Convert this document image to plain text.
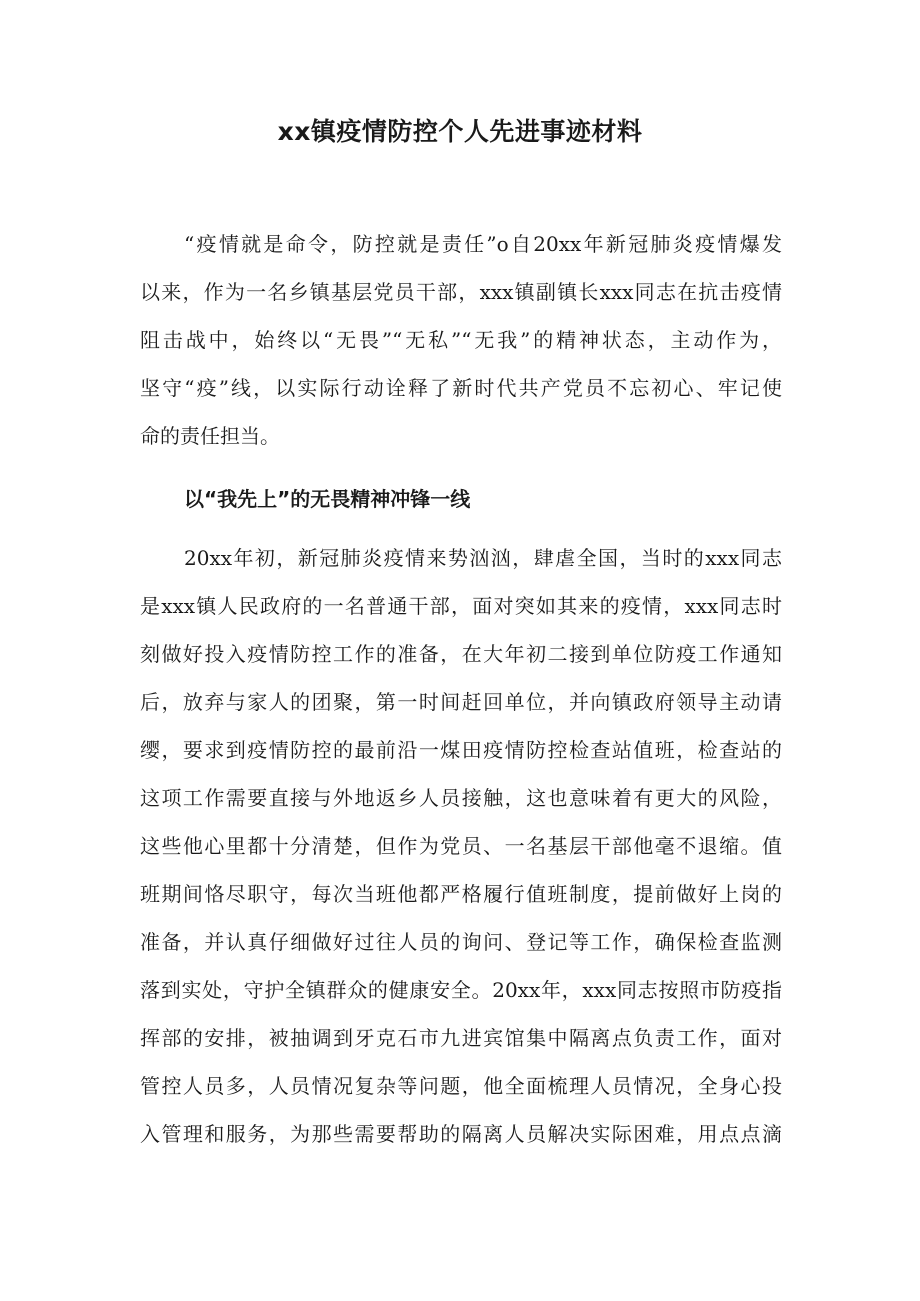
xx镇疫情防控个人先进事迹材料

“疫情就是命令，防控就是责任”o自20xx年新冠肺炎疫情爆发

以来，作为一名乡镇基层党员干部，xxx镇副镇长xxx同志在抗击疫情

阻击战中，始终以“无畏”“无私”“无我”的精神状态，主动作为，

坚守“疫”线，以实际行动诠释了新时代共产党员不忘初心、牢记使

命的责任担当。

以“我先上”的无畏精神冲锋一线

20xx年初，新冠肺炎疫情来势汹汹，肆虐全国，当时的xxx同志

是xxx镇人民政府的一名普通干部，面对突如其来的疫情，xxx同志时

刻做好投入疫情防控工作的准备，在大年初二接到单位防疫工作通知

后，放弃与家人的团聚，第一时间赶回单位，并向镇政府领导主动请

缨，要求到疫情防控的最前沿一煤田疫情防控检查站值班，检查站的

这项工作需要直接与外地返乡人员接触，这也意味着有更大的风险，

这些他心里都十分清楚，但作为党员、一名基层干部他毫不退缩。值

班期间恪尽职守，每次当班他都严格履行值班制度，提前做好上岗的

准备，并认真仔细做好过往人员的询问、登记等工作，确保检查监测

落到实处，守护全镇群众的健康安全。20xx年，xxx同志按照市防疫指

挥部的安排，被抽调到牙克石市九进宾馆集中隔离点负责工作，面对

管控人员多，人员情况复杂等问题，他全面梳理人员情况，全身心投

入管理和服务，为那些需要帮助的隔离人员解决实际困难，用点点滴
